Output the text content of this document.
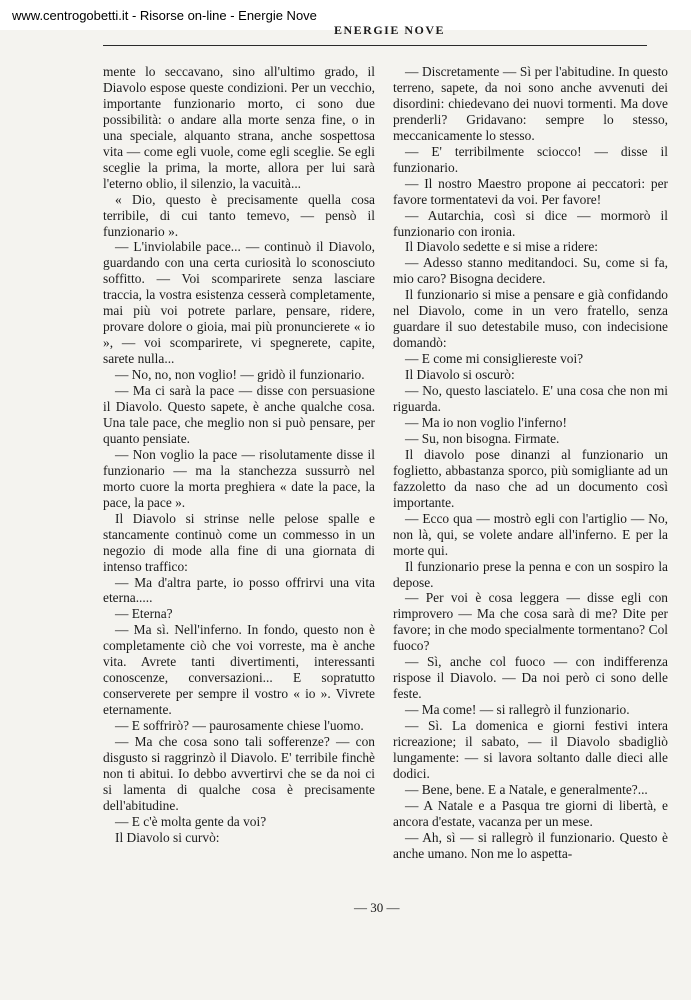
www.centrogobetti.it - Risorse on-line - Energie Nove
ENERGIE NOVE

mente lo seccavano, sino all'ultimo grado, il Diavolo espose queste condizioni. Per un vecchio, importante funzionario morto, ci sono due possibilità: o andare alla morte senza fine, o in una speciale, alquanto strana, anche sospettosa vita — come egli vuole, come egli sceglie. Se egli sceglie la prima, la morte, allora per lui sarà l'eterno oblio, il silenzio, la vacuità...

« Dio, questo è precisamente quella cosa terribile, di cui tanto temevo, — pensò il funzionario ».

— L'inviolabile pace... — continuò il Diavolo, guardando con una certa curiosità lo sconosciuto soffitto. — Voi scomparirete senza lasciare traccia, la vostra esistenza cesserà completamente, mai più voi potrete parlare, pensare, ridere, provare dolore o gioia, mai più pronuncierete « io », — voi scomparirete, vi spegnerete, capite, sarete nulla...

— No, no, non voglio! — gridò il funzionario.

— Ma ci sarà la pace — disse con persuasione il Diavolo. Questo sapete, è anche qualche cosa. Una tale pace, che meglio non si può pensare, per quanto pensiate.

— Non voglio la pace — risolutamente disse il funzionario — ma la stanchezza sussurrò nel morto cuore la morta preghiera « date la pace, la pace, la pace ».

Il Diavolo si strinse nelle pelose spalle e stancamente continuò come un commesso in un negozio di mode alla fine di una giornata di intenso traffico:

— Ma d'altra parte, io posso offrirvi una vita eterna.....

— Eterna?

— Ma sì. Nell'inferno. In fondo, questo non è completamente ciò che voi vorreste, ma è anche vita. Avrete tanti divertimenti, interessanti conoscenze, conversazioni... E sopratutto conserverete per sempre il vostro « io ». Vivrete eternamente.

— E soffrirò? — paurosamente chiese l'uomo.

— Ma che cosa sono tali sofferenze? — con disgusto si raggrinzò il Diavolo. E' terribile finchè non ti abitui. Io debbo avvertirvi che se da noi ci si lamenta di qualche cosa è precisamente dell'abitudine.

— E c'è molta gente da voi?

Il Diavolo si curvò:

— Discretamente — Sì per l'abitudine. In questo terreno, sapete, da noi sono anche avvenuti dei disordini: chiedevano dei nuovi tormenti. Ma dove prenderli? Gridavano: sempre lo stesso, meccanicamente lo stesso.

— E' terribilmente sciocco! — disse il funzionario.

— Il nostro Maestro propone ai peccatori: per favore tormentatevi da voi. Per favore!

— Autarchia, così si dice — mormorò il funzionario con ironia.

Il Diavolo sedette e si mise a ridere:

— Adesso stanno meditandoci. Su, come si fa, mio caro? Bisogna decidere.

Il funzionario si mise a pensare e già confidando nel Diavolo, come in un vero fratello, senza guardare il suo detestabile muso, con indecisione domandò:

— E come mi consigliereste voi?

Il Diavolo si oscurò:

— No, questo lasciatelo. E' una cosa che non mi riguarda.

— Ma io non voglio l'inferno!

— Su, non bisogna. Firmate.

Il diavolo pose dinanzi al funzionario un foglietto, abbastanza sporco, più somigliante ad un fazzoletto da naso che ad un documento così importante.

— Ecco qua — mostrò egli con l'artiglio — No, non là, qui, se volete andare all'inferno. E per la morte qui.

Il funzionario prese la penna e con un sospiro la depose.

— Per voi è cosa leggera — disse egli con rimprovero — Ma che cosa sarà di me? Dite per favore; in che modo specialmente tormentano? Col fuoco?

— Sì, anche col fuoco — con indifferenza rispose il Diavolo. — Da noi però ci sono delle feste.

— Ma come! — si rallegrò il funzionario.

— Sì. La domenica e giorni festivi intera ricreazione; il sabato, — il Diavolo sbadigliò lungamente: — si lavora soltanto dalle dieci alle dodici.

— Bene, bene. E a Natale, e generalmente?...

— A Natale e a Pasqua tre giorni di libertà, e ancora d'estate, vacanza per un mese.

— Ah, sì — si rallegrò il funzionario. Questo è anche umano. Non me lo aspetta-

— 30 —
